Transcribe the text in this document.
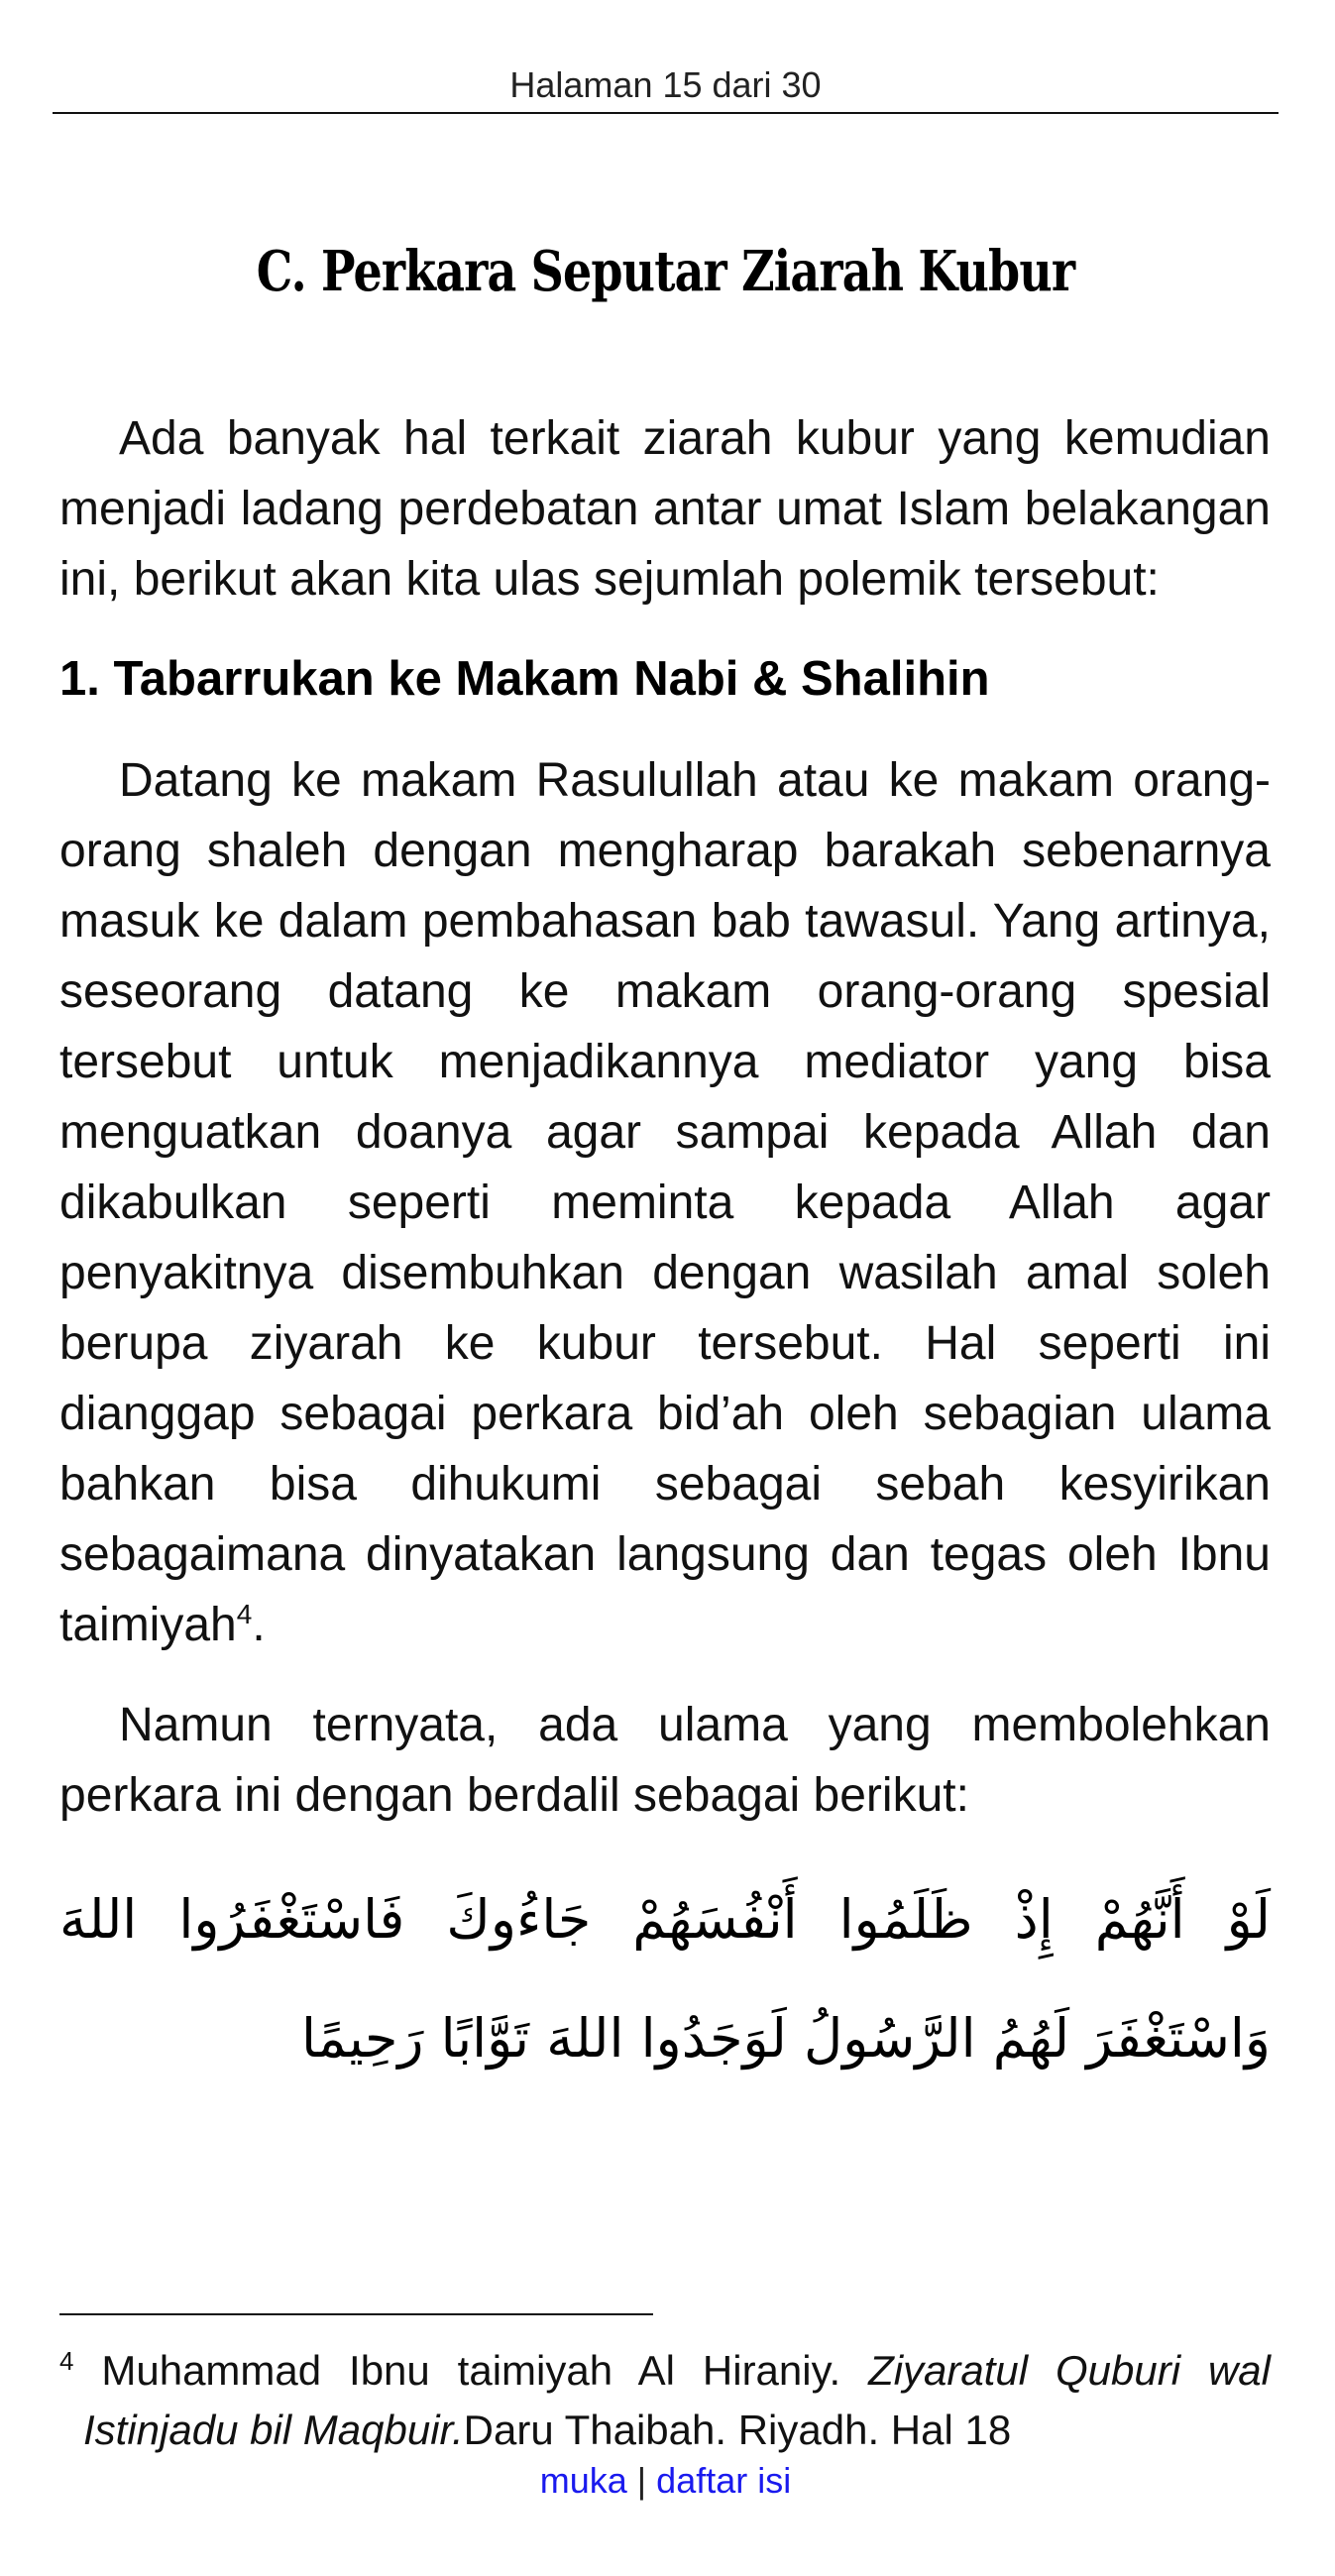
Halaman 15 dari 30
C. Perkara Seputar Ziarah Kubur

Ada banyak hal terkait ziarah kubur yang kemudian menjadi ladang perdebatan antar umat Islam belakangan ini, berikut akan kita ulas sejumlah polemik tersebut:

1. Tabarrukan ke Makam Nabi & Shalihin

Datang ke makam Rasulullah atau ke makam orang-orang shaleh dengan mengharap barakah sebenarnya masuk ke dalam pembahasan bab tawasul. Yang artinya, seseorang datang ke makam orang-orang spesial tersebut untuk menjadikannya mediator yang bisa menguatkan doanya agar sampai kepada Allah dan dikabulkan seperti meminta kepada Allah agar penyakitnya disembuhkan dengan wasilah amal soleh berupa ziyarah ke kubur tersebut. Hal seperti ini dianggap sebagai perkara bid’ah oleh sebagian ulama bahkan bisa dihukumi sebagai sebah kesyirikan sebagaimana dinyatakan langsung dan tegas oleh Ibnu taimiyah$^4$.

Namun ternyata, ada ulama yang membolehkan perkara ini dengan berdalil sebagai berikut:

لَوْ أَنَّهُمْ إِذْ ظَلَمُوا أَنْفُسَهُمْ جَاءُوكَ فَاسْتَغْفَرُوا اللهَ وَاسْتَغْفَرَ لَهُمُ الرَّسُولُ لَوَجَدُوا اللهَ تَوَّابًا رَحِيمًا

$^4$ Muhammad Ibnu taimiyah Al Hiraniy. Ziyaratul Quburi wal Istinjadu bil Maqbuir.Daru Thaibah. Riyadh. Hal 18
muka | daftar isi
